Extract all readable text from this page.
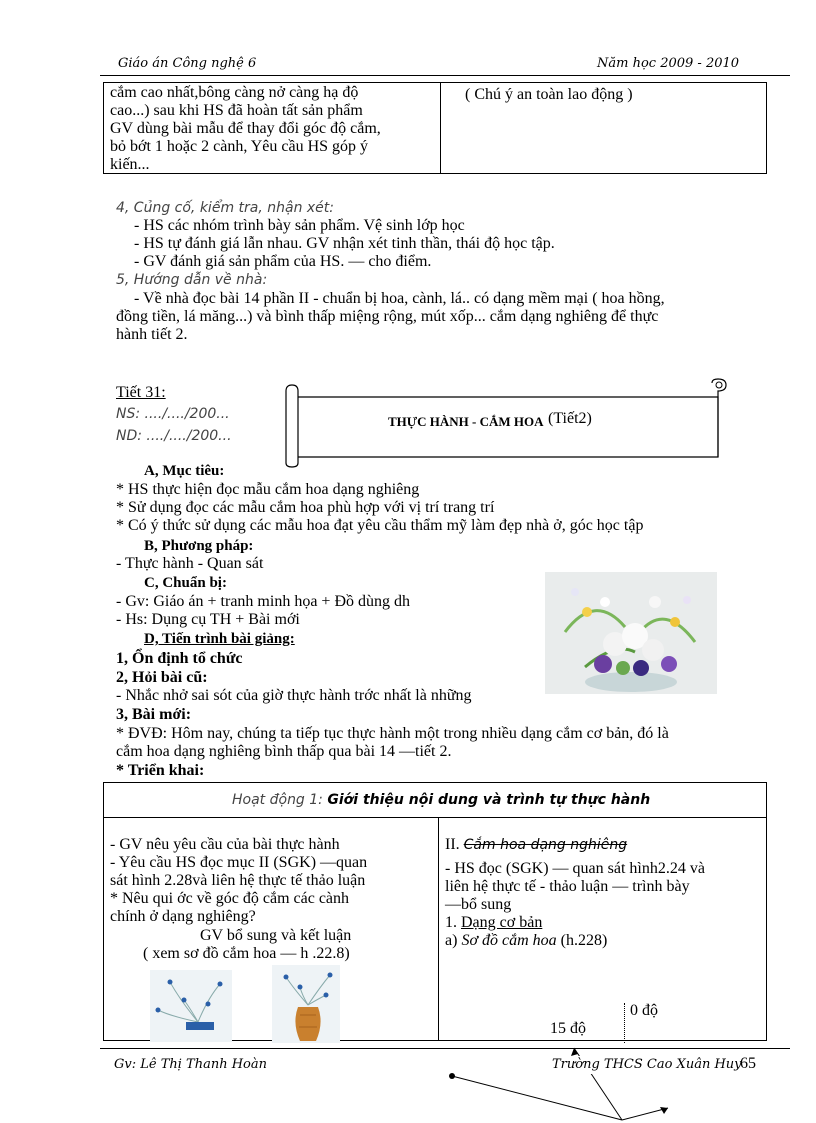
Giáo án Công nghệ 6	Năm học 2009 - 2010
cắm cao nhất,bông càng nở càng hạ độ
cao...) sau khi HS đã hoàn tất sản phẩm
GV dùng bài mẫu để thay đổi góc độ cắm,
bỏ bớt 1 hoặc 2 cành, Yêu cầu HS góp ý
kiến...
( Chú ý an toàn lao động )
4, Củng cố, kiểm tra, nhận xét:
- HS các nhóm trình bày sản phẩm. Vệ sinh lớp học
- HS tự đánh giá lẫn nhau. GV nhận xét tinh thần, thái độ học tập.
- GV đánh giá sản phẩm của HS. — cho điểm.
5, Hướng dẫn về nhà:
- Về nhà đọc bài 14 phần II - chuẩn bị hoa, cành, lá.. có dạng mềm mại ( hoa hồng,
đồng tiền, lá măng...) và bình thấp miệng rộng, mút xốp... cắm dạng nghiêng để thực
hành tiết 2.
Tiết 31:
NS: ..../..../200...
ND: ..../..../200...
THỰC HÀNH - CẮM HOA (Tiết2)
A, Mục tiêu:
* HS thực hiện đọc mẫu cắm hoa dạng nghiêng
* Sử dụng đọc các mẫu cắm hoa phù hợp với vị trí trang trí
* Có ý thức sử dụng các mẫu hoa đạt yêu cầu thẩm mỹ làm đẹp nhà ở, góc học tập
B, Phương pháp:
- Thực hành - Quan sát
C, Chuẩn bị:
- Gv: Giáo án + tranh minh họa + Đồ dùng dh
- Hs: Dụng cụ TH + Bài mới
D, Tiến trình bài giảng:
1, Ổn định tổ chức
2, Hỏi bài cũ:
- Nhắc nhở sai sót của giờ thực hành trớc nhất là những
3, Bài mới:
* ĐVĐ: Hôm nay, chúng ta tiếp tục thực hành một trong nhiều dạng cắm cơ bản, đó là
cắm hoa dạng nghiêng bình thấp qua bài 14 —tiết 2.
* Triển khai:
Hoạt động 1: Giới thiệu nội dung và trình tự thực hành
- GV nêu yêu cầu của bài thực hành
- Yêu cầu HS đọc mục II (SGK) —quan
sát hình 2.28và liên hệ thực tế thảo luận
* Nêu qui ớc về góc độ cắm các cành
chính ở dạng nghiêng?
GV bổ sung và kết luận
( xem sơ đồ cắm hoa — h .22.8)
II. Cắm hoa dạng nghiêng
- HS đọc (SGK) — quan sát hình2.24 và
liên hệ thực tế - thảo luận — trình bày
—bổ sung
1. Dạng cơ bản
a) Sơ đồ cắm hoa (h.228)
0 độ
15 độ
Gv: Lê Thị Thanh Hoàn	Trường THCS Cao Xuân Huy
65
